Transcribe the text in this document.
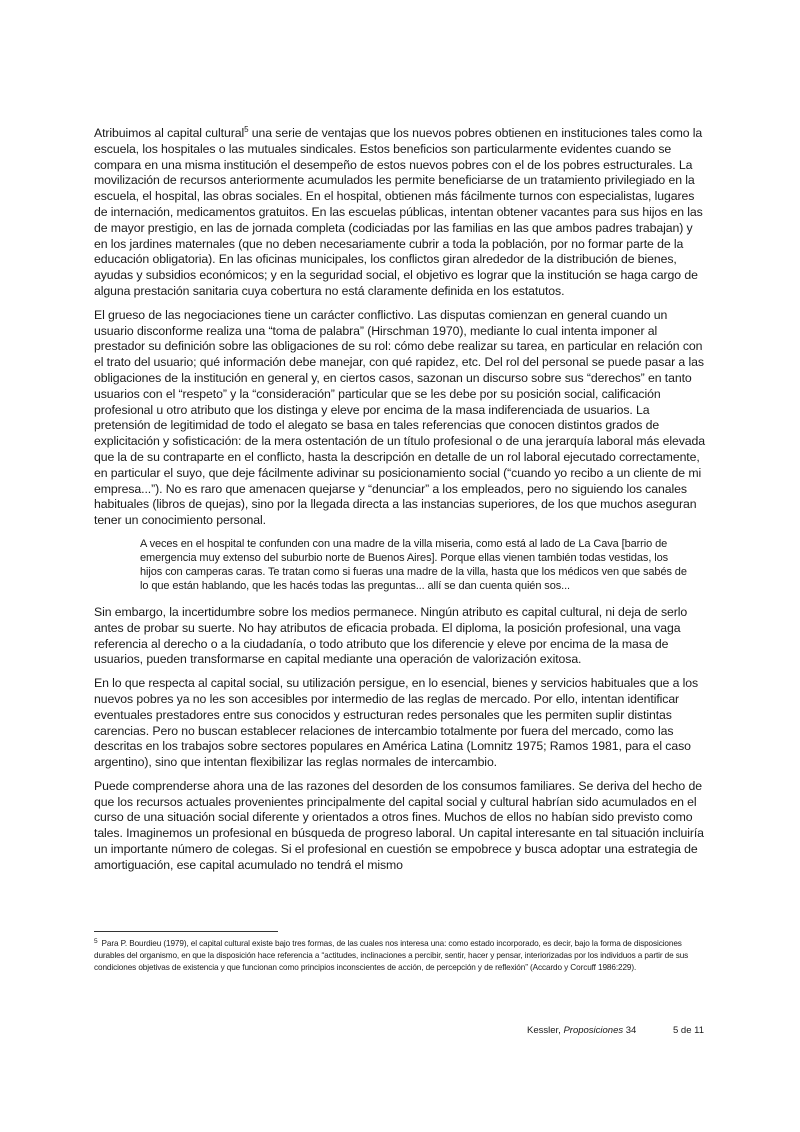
Atribuimos al capital cultural$^5$ una serie de ventajas que los nuevos pobres obtienen en instituciones tales como la escuela, los hospitales o las mutuales sindicales. Estos beneficios son particularmente evidentes cuando se compara en una misma institución el desempeño de estos nuevos pobres con el de los pobres estructurales. La movilización de recursos anteriormente acumulados les permite beneficiarse de un tratamiento privilegiado en la escuela, el hospital, las obras sociales. En el hospital, obtienen más fácilmente turnos con especialistas, lugares de internación, medicamentos gratuitos. En las escuelas públicas, intentan obtener vacantes para sus hijos en las de mayor prestigio, en las de jornada completa (codiciadas por las familias en las que ambos padres trabajan) y en los jardines maternales (que no deben necesariamente cubrir a toda la población, por no formar parte de la educación obligatoria). En las oficinas municipales, los conflictos giran alrededor de la distribución de bienes, ayudas y subsidios económicos; y en la seguridad social, el objetivo es lograr que la institución se haga cargo de alguna prestación sanitaria cuya cobertura no está claramente definida en los estatutos.

El grueso de las negociaciones tiene un carácter conflictivo. Las disputas comienzan en general cuando un usuario disconforme realiza una “toma de palabra” (Hirschman 1970), mediante lo cual intenta imponer al prestador su definición sobre las obligaciones de su rol: cómo debe realizar su tarea, en particular en relación con el trato del usuario; qué información debe manejar, con qué rapidez, etc. Del rol del personal se puede pasar a las obligaciones de la institución en general y, en ciertos casos, sazonan un discurso sobre sus “derechos” en tanto usuarios con el “respeto” y la “consideración” particular que se les debe por su posición social, calificación profesional u otro atributo que los distinga y eleve por encima de la masa indiferenciada de usuarios. La pretensión de legitimidad de todo el alegato se basa en tales referencias que conocen distintos grados de explicitación y sofisticación: de la mera ostentación de un título profesional o de una jerarquía laboral más elevada que la de su contraparte en el conflicto, hasta la descripción en detalle de un rol laboral ejecutado correctamente, en particular el suyo, que deje fácilmente adivinar su posicionamiento social (“cuando yo recibo a un cliente de mi empresa...”). No es raro que amenacen quejarse y “denunciar” a los empleados, pero no siguiendo los canales habituales (libros de quejas), sino por la llegada directa a las instancias superiores, de los que muchos aseguran tener un conocimiento personal.

A veces en el hospital te confunden con una madre de la villa miseria, como está al lado de La Cava [barrio de emergencia muy extenso del suburbio norte de Buenos Aires]. Porque ellas vienen también todas vestidas, los hijos con camperas caras. Te tratan como si fueras una madre de la villa, hasta que los médicos ven que sabés de lo que están hablando, que les hacés todas las preguntas... allí se dan cuenta quién sos...

Sin embargo, la incertidumbre sobre los medios permanece. Ningún atributo es capital cultural, ni deja de serlo antes de probar su suerte. No hay atributos de eficacia probada. El diploma, la posición profesional, una vaga referencia al derecho o a la ciudadanía, o todo atributo que los diferencie y eleve por encima de la masa de usuarios, pueden transformarse en capital mediante una operación de valorización exitosa.

En lo que respecta al capital social, su utilización persigue, en lo esencial, bienes y servicios habituales que a los nuevos pobres ya no les son accesibles por intermedio de las reglas de mercado. Por ello, intentan identificar eventuales prestadores entre sus conocidos y estructuran redes personales que les permiten suplir distintas carencias. Pero no buscan establecer relaciones de intercambio totalmente por fuera del mercado, como las descritas en los trabajos sobre sectores populares en América Latina (Lomnitz 1975; Ramos 1981, para el caso argentino), sino que intentan flexibilizar las reglas normales de intercambio.

Puede comprenderse ahora una de las razones del desorden de los consumos familiares. Se deriva del hecho de que los recursos actuales provenientes principalmente del capital social y cultural habrían sido acumulados en el curso de una situación social diferente y orientados a otros fines. Muchos de ellos no habían sido previsto como tales. Imaginemos un profesional en búsqueda de progreso laboral. Un capital interesante en tal situación incluiría un importante número de colegas. Si el profesional en cuestión se empobrece y busca adoptar una estrategia de amortiguación, ese capital acumulado no tendrá el mismo

$^5$ Para P. Bourdieu (1979), el capital cultural existe bajo tres formas, de las cuales nos interesa una: como estado incorporado, es decir, bajo la forma de disposiciones durables del organismo, en que la disposición hace referencia a “actitudes, inclinaciones a percibir, sentir, hacer y pensar, interiorizadas por los individuos a partir de sus condiciones objetivas de existencia y que funcionan como principios inconscientes de acción, de percepción y de reflexión” (Accardo y Corcuff 1986:229).
Kessler, Proposiciones 34	5 de 11
